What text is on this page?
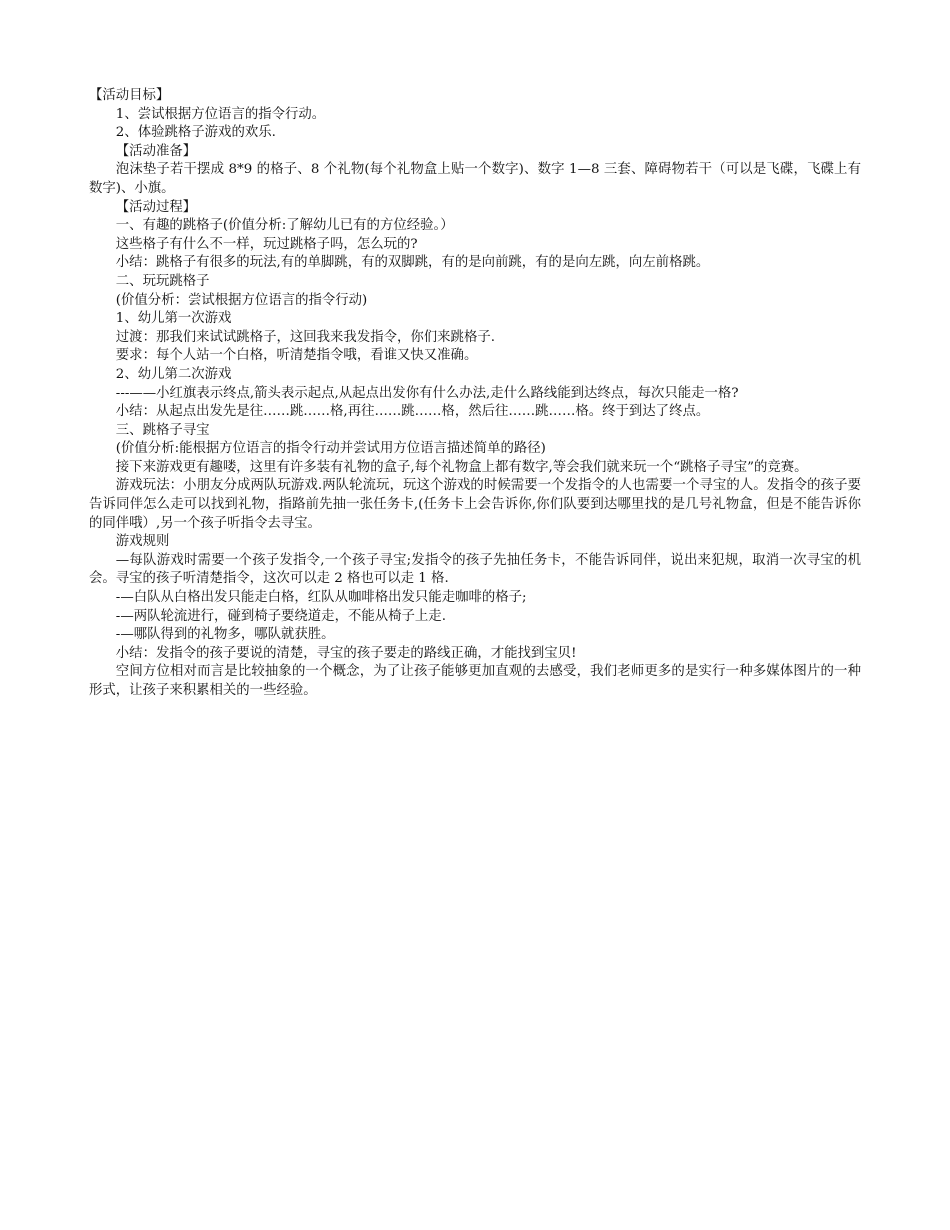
【活动目标】

1、尝试根据方位语言的指令行动。

2、体验跳格子游戏的欢乐.

【活动准备】

泡沫垫子若干摆成 8*9 的格子、8 个礼物(每个礼物盒上贴一个数字)、数字 1—8 三套、障碍物若干（可以是飞碟，飞碟上有数字)、小旗。

【活动过程】

一、有趣的跳格子(价值分析:了解幼儿已有的方位经验。）

这些格子有什么不一样，玩过跳格子吗，怎么玩的?

小结：跳格子有很多的玩法,有的单脚跳，有的双脚跳，有的是向前跳，有的是向左跳，向左前格跳。

二、玩玩跳格子

(价值分析：尝试根据方位语言的指令行动)

1、幼儿第一次游戏

过渡：那我们来试试跳格子，这回我来我发指令，你们来跳格子.

要求：每个人站一个白格，听清楚指令哦，看谁又快又准确。

2、幼儿第二次游戏

---——小红旗表示终点,箭头表示起点,从起点出发你有什么办法,走什么路线能到达终点，每次只能走一格?

小结：从起点出发先是往……跳……格,再往……跳……格，然后往……跳……格。终于到达了终点。

三、跳格子寻宝

(价值分析:能根据方位语言的指令行动并尝试用方位语言描述简单的路径)

接下来游戏更有趣喽，这里有许多装有礼物的盒子,每个礼物盒上都有数字,等会我们就来玩一个“跳格子寻宝”的竞赛。

游戏玩法：小朋友分成两队玩游戏.两队轮流玩，玩这个游戏的时候需要一个发指令的人也需要一个寻宝的人。发指令的孩子要告诉同伴怎么走可以找到礼物，指路前先抽一张任务卡,(任务卡上会告诉你,你们队要到达哪里找的是几号礼物盒，但是不能告诉你的同伴哦）,另一个孩子听指令去寻宝。

游戏规则

—每队游戏时需要一个孩子发指令,一个孩子寻宝;发指令的孩子先抽任务卡，不能告诉同伴，说出来犯规，取消一次寻宝的机会。寻宝的孩子听清楚指令，这次可以走 2 格也可以走 1 格.

-—白队从白格出发只能走白格，红队从咖啡格出发只能走咖啡的格子;

-—两队轮流进行，碰到椅子要绕道走，不能从椅子上走.

-—哪队得到的礼物多，哪队就获胜。

小结：发指令的孩子要说的清楚，寻宝的孩子要走的路线正确，才能找到宝贝!

空间方位相对而言是比较抽象的一个概念，为了让孩子能够更加直观的去感受，我们老师更多的是实行一种多媒体图片的一种形式，让孩子来积累相关的一些经验。
